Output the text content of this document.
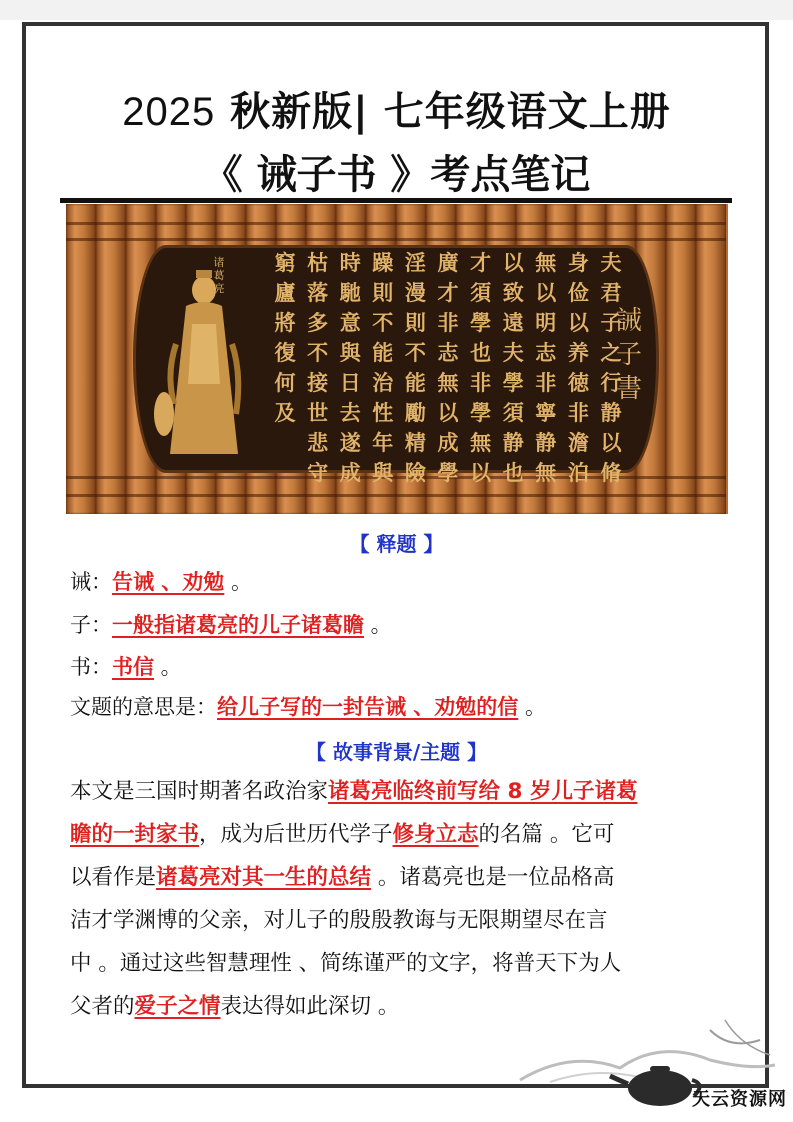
2025 秋新版| 七年级语文上册
《 诫子书 》考点笔记
诸
葛
亮
誡
子
書
夫
君
子
之
行
静
以
脩
身
俭
以
养
徳
非
澹
泊
無
以
明
志
非
寧
静
無
以
致
遠
夫
學
須
静
也
才
須
學
也
非
學
無
以
廣
才
非
志
無
以
成
學
淫
漫
則
不
能
勵
精
險
躁
則
不
能
治
性
年
與
時
馳
意
與
日
去
遂
成
枯
落
多
不
接
世
悲
守
窮
廬
將
復
何
及
【 释题 】
诫：告诫 、劝勉 。
子：一般指诸葛亮的儿子诸葛瞻 。
书：书信 。
文题的意思是：给儿子写的一封告诫 、劝勉的信 。
【 故事背景/主题 】
本文是三国时期著名政治家诸葛亮临终前写给 8 岁儿子诸葛
瞻的一封家书，成为后世历代学子修身立志的名篇 。它可
以看作是诸葛亮对其一生的总结 。诸葛亮也是一位品格高
洁才学渊博的父亲，对儿子的殷殷教诲与无限期望尽在言
中 。通过这些智慧理性 、简练谨严的文字，将普天下为人
父者的爱子之情表达得如此深切 。
天云资源网
